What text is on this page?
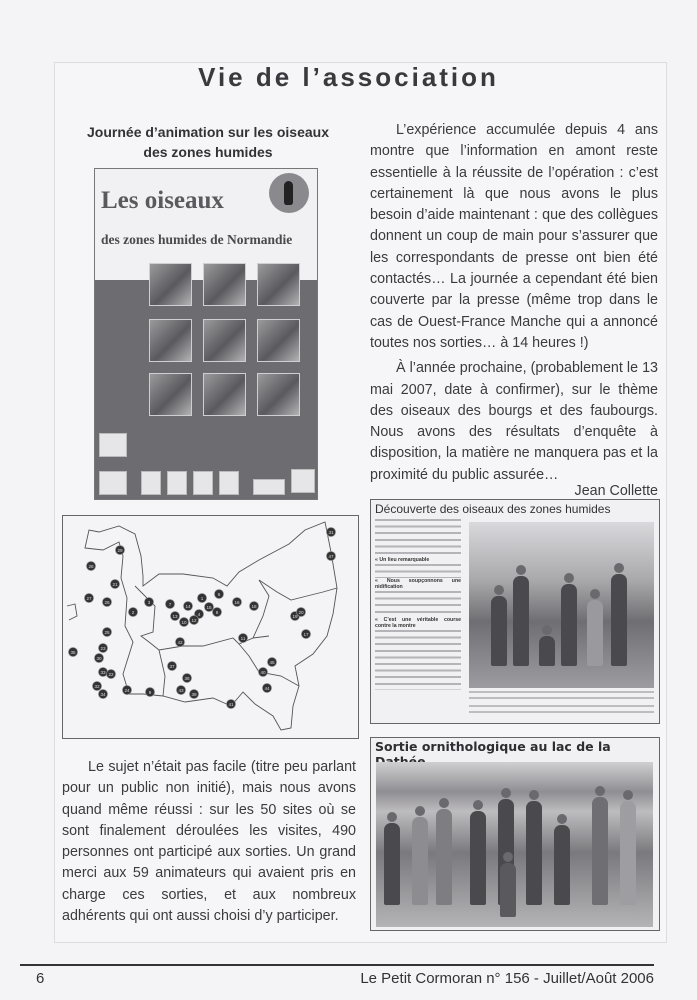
Vie de l’association
Journée d’animation sur les oiseaux
des zones humides
Les oiseaux
des zones humides de Normandie

L’expérience accumulée depuis 4 ans montre que l’information en amont reste essentielle à la réussite de l’opération : c’est certainement là que nous avons le plus besoin d’aide maintenant : que des collègues donnent un coup de main pour s’assurer que les correspondants de presse ont bien été contactés… La journée a cependant été bien couverte par la presse (même trop dans le cas de Ouest-France Manche qui a annoncé toutes nos sorties… à 14 heures !)

À l’année prochaine, (probablement le 13 mai 2007, date à confirmer), sur le thème des oiseaux des bourgs et des faubourgs. Nous avons des résultats d’enquête à disposition, la matière ne manquera pas et la proximité du public assurée…

Jean Collette
31
47
28
29
21
27
26	3
2
7	14
1
6
4	8
10 12
13
15
16
18
19
20
17
25
23
30
33
11
22
32
34
24	9
35
42
37
38
43
39
41
44
40
45
Découverte des oiseaux des zones humides
« Un lieu remarquable
« Nous soupçonnons une nidification
« C’est une véritable course contre la montre

Le sujet n’était pas facile (titre peu parlant pour un public non initié), mais nous avons quand même réussi : sur les 50 sites où se sont finalement déroulées les visites, 490 personnes ont participé aux sorties. Un grand merci aux 59 animateurs qui avaient pris en charge ces sorties, et aux nombreux adhérents qui ont aussi choisi d’y participer.

Sortie ornithologique au lac de la
6	Le Petit Cormoran n° 156 - Juillet/Août 2006
